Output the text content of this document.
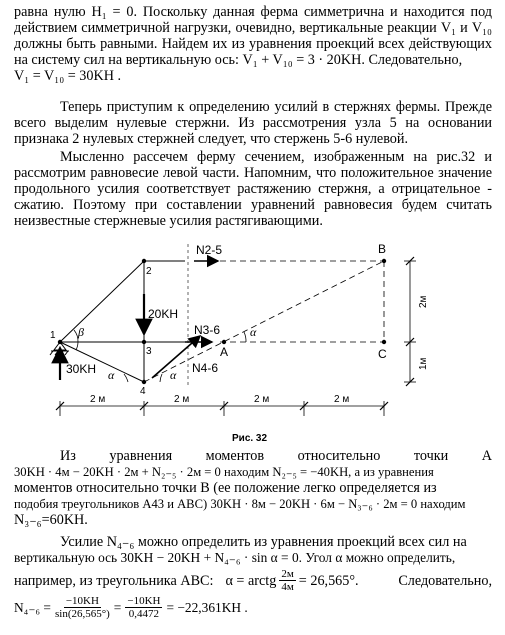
равна нулю H₁ = 0. Поскольку данная ферма симметрична и находится под действием симметричной нагрузки, очевидно, вертикальные реакции V₁ и V₁₀ должны быть равными. Найдем их из уравнения проекций всех действующих на систему сил на вертикальную ось: V₁ + V₁₀ = 3 · 20KH. Следовательно,
V₁ = V₁₀ = 30KH .
Теперь приступим к определению усилий в стержнях фермы. Прежде всего выделим нулевые стержни. Из рассмотрения узла 5 на основании признака 2 нулевых стержней следует, что стержень 5-6 нулевой.
Мысленно рассечем ферму сечением, изображенным на рис.32 и рассмотрим равновесие левой части. Напомним, что положительное значение продольного усилия соответствует растяжению стержня, а отрицательное - сжатию. Поэтому при составлении уравнений равновесия будем считать неизвестные стержневые усилия растягивающими.
N2-5
N3-6
N4-6
20KH
30KH
1
2
3
4
A
B
C
β
α	α
α
2 м	2 м	2 м	2 м
2м
1м
Рис. 32
Из уравнения моментов относительно точки A
30KH · 4м − 20KH · 2м + N₂₋₅ · 2м = 0 находим N₂₋₅ = −40KH, а из уравнения
моментов относительно точки B (ее положение легко определяется из
подобия треугольников A43 и ABC) 30KH · 8м − 20KH · 6м − N₃₋₆ · 2м = 0 находим
N₃₋₆=60KH.
Усилие N₄₋₆ можно определить из уравнения проекций всех сил на
вертикальную ось 30KH − 20KH + N₄₋₆ · sin α = 0. Угол α можно определить,
например, из треугольника ABC: α = arctg 2м
4м = 26,565°.	Следовательно,
$N_{4-6} = \frac{-10KH}{\sin(26,565^\circ)} = \frac{-10KH}{0,4472} = -22,361KH$ .
